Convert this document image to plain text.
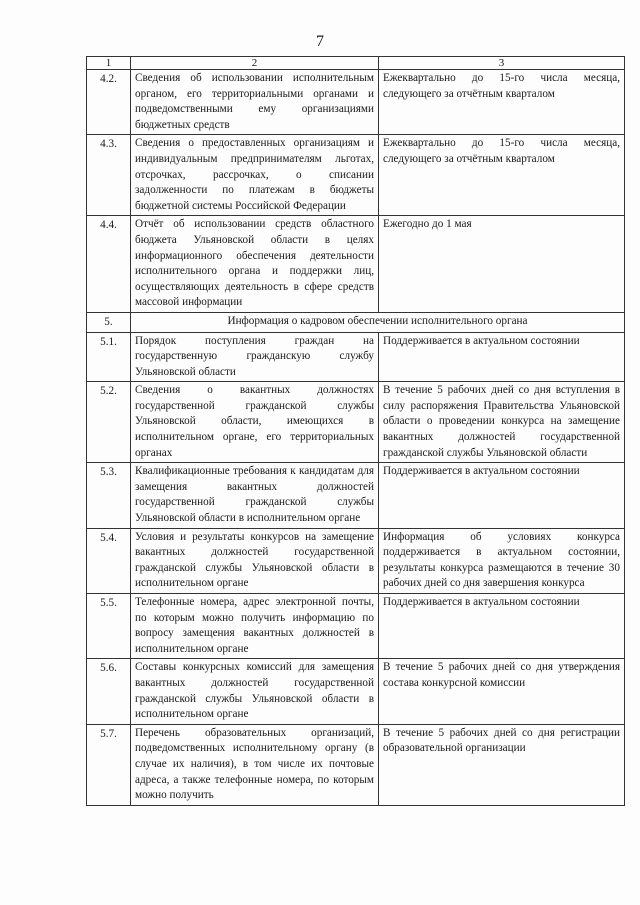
7
1	2	3
4.2.	Сведения об использовании исполнительным органом, его территориальными органами и подведомственными ему организациями бюджетных средств	Ежеквартально до 15-го числа месяца, следующего за отчётным кварталом
4.3.	Сведения о предоставленных организациям и индивидуальным предпринимателям льготах, отсрочках, рассрочках, о списании задолженности по платежам в бюджеты бюджетной системы Российской Федерации	Ежеквартально до 15-го числа месяца, следующего за отчётным кварталом
4.4.	Отчёт об использовании средств областного бюджета Ульяновской области в целях информационного обеспечения деятельности исполнительного органа и поддержки лиц, осуществляющих деятельность в сфере средств массовой информации	Ежегодно до 1 мая
5.	Информация о кадровом обеспечении исполнительного органа	
5.1.	Порядок поступления граждан на государственную гражданскую службу Ульяновской области	Поддерживается в актуальном состоянии
5.2.	Сведения о вакантных должностях государственной гражданской службы Ульяновской области, имеющихся в исполнительном органе, его территориальных органах	В течение 5 рабочих дней со дня вступления в силу распоряжения Правительства Ульяновской области о проведении конкурса на замещение вакантных должностей государственной гражданской службы Ульяновской области
5.3.	Квалификационные требования к кандидатам для замещения вакантных должностей государственной гражданской службы Ульяновской области в исполнительном органе	Поддерживается в актуальном состоянии
5.4.	Условия и результаты конкурсов на замещение вакантных должностей государственной гражданской службы Ульяновской области в исполнительном органе	Информация об условиях конкурса поддерживается в актуальном состоянии, результаты конкурса размещаются в течение 30 рабочих дней со дня завершения конкурса
5.5.	Телефонные номера, адрес электронной почты, по которым можно получить информацию по вопросу замещения вакантных должностей в исполнительном органе	Поддерживается в актуальном состоянии
5.6.	Составы конкурсных комиссий для замещения вакантных должностей государственной гражданской службы Ульяновской области в исполнительном органе	В течение 5 рабочих дней со дня утверждения состава конкурсной комиссии
5.7.	Перечень образовательных организаций, подведомственных исполнительному органу (в случае их наличия), в том числе их почтовые адреса, а также телефонные номера, по которым можно получить	В течение 5 рабочих дней со дня регистрации образовательной организации
